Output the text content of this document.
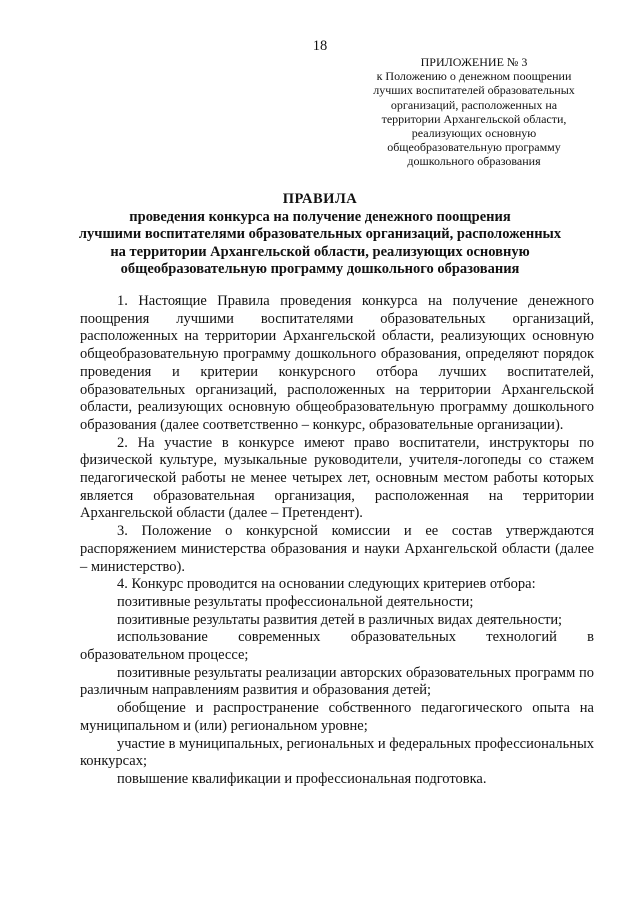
18
ПРИЛОЖЕНИЕ № 3
к Положению о денежном поощрении
лучших воспитателей образовательных
организаций, расположенных на
территории Архангельской области,
реализующих основную
общеобразовательную программу
дошкольного образования
ПРАВИЛА
проведения конкурса на получение денежного поощрения
лучшими воспитателями образовательных организаций, расположенных
на территории Архангельской области, реализующих основную
общеобразовательную программу дошкольного образования

1. Настоящие Правила проведения конкурса на получение денежного поощрения лучшими воспитателями образовательных организаций, расположенных на территории Архангельской области, реализующих основную общеобразовательную программу дошкольного образования, определяют порядок проведения и критерии конкурсного отбора лучших воспитателей, образовательных организаций, расположенных на территории Архангельской области, реализующих основную общеобразовательную программу дошкольного образования (далее соответственно – конкурс, образовательные организации).

2. На участие в конкурсе имеют право воспитатели, инструкторы по физической культуре, музыкальные руководители, учителя-логопеды со стажем педагогической работы не менее четырех лет, основным местом работы которых является образовательная организация, расположенная на территории Архангельской области (далее – Претендент).

3. Положение о конкурсной комиссии и ее состав утверждаются распоряжением министерства образования и науки Архангельской области (далее – министерство).

4. Конкурс проводится на основании следующих критериев отбора:

позитивные результаты профессиональной деятельности;

позитивные результаты развития детей в различных видах деятельности;

использование современных образовательных технологий в образовательном процессе;

позитивные результаты реализации авторских образовательных программ по различным направлениям развития и образования детей;

обобщение и распространение собственного педагогического опыта на муниципальном и (или) региональном уровне;

участие в муниципальных, региональных и федеральных профессиональных конкурсах;

повышение квалификации и профессиональная подготовка.
